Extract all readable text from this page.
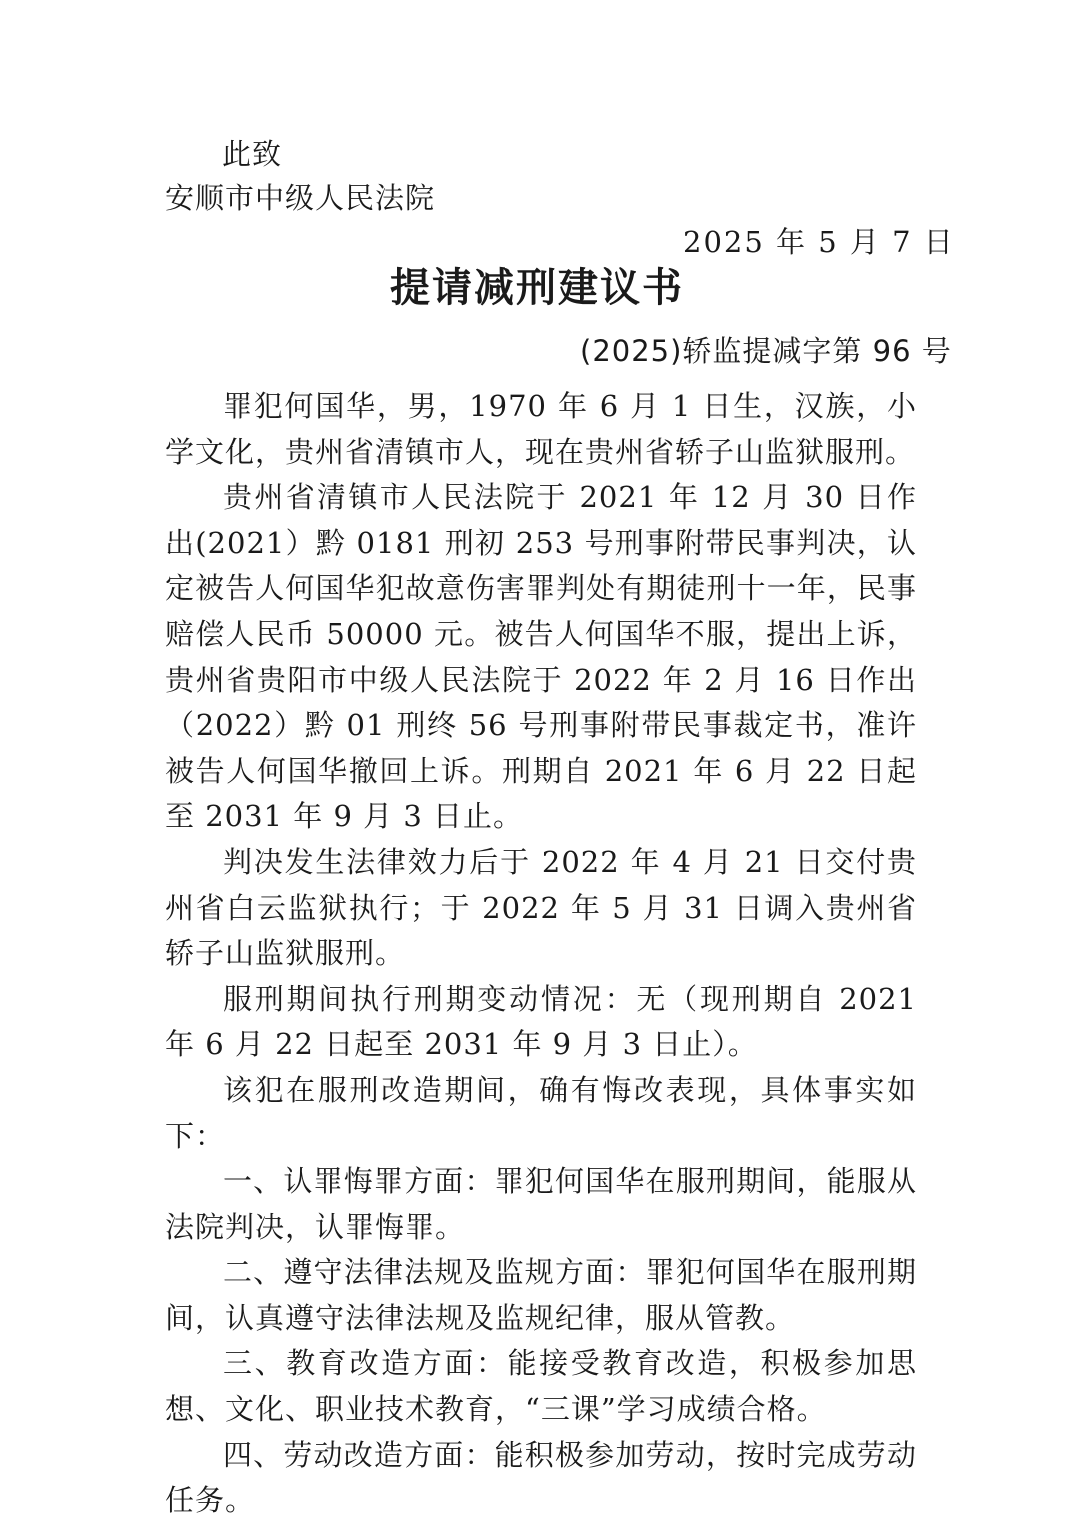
此致
安顺市中级人民法院
2025 年 5 月 7 日
提请减刑建议书
(2025)轿监提减字第 96 号

罪犯何国华，男，1970 年 6 月 1 日生，汉族，小学文化，贵州省清镇市人，现在贵州省轿子山监狱服刑。

贵州省清镇市人民法院于 2021 年 12 月 30 日作出(2021）黔 0181 刑初 253 号刑事附带民事判决，认定被告人何国华犯故意伤害罪判处有期徒刑十一年，民事赔偿人民币 50000 元。被告人何国华不服，提出上诉，贵州省贵阳市中级人民法院于 2022 年 2 月 16 日作出（2022）黔 01 刑终 56 号刑事附带民事裁定书，准许被告人何国华撤回上诉。刑期自 2021 年 6 月 22 日起至 2031 年 9 月 3 日止。

判决发生法律效力后于 2022 年 4 月 21 日交付贵州省白云监狱执行；于 2022 年 5 月 31 日调入贵州省轿子山监狱服刑。

服刑期间执行刑期变动情况：无（现刑期自 2021 年 6 月 22 日起至 2031 年 9 月 3 日止）。

该犯在服刑改造期间，确有悔改表现，具体事实如下：

一、认罪悔罪方面：罪犯何国华在服刑期间，能服从法院判决，认罪悔罪。

二、遵守法律法规及监规方面：罪犯何国华在服刑期间，认真遵守法律法规及监规纪律，服从管教。

三、教育改造方面：能接受教育改造，积极参加思想、文化、职业技术教育，“三课”学习成绩合格。

四、劳动改造方面：能积极参加劳动，按时完成劳动任务。
